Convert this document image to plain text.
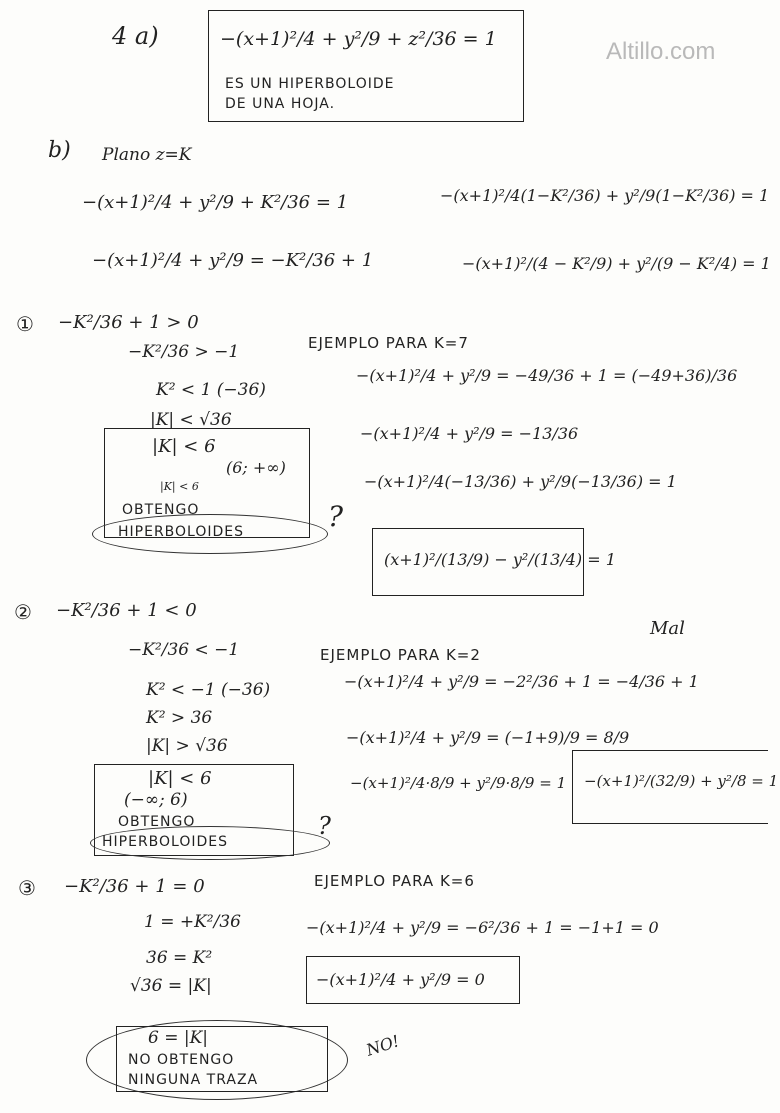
Altillo.com
4 a)	−(x+1)²/4 + y²/9 + z²/36 = 1
ES UN HIPERBOLOIDE
DE UNA HOJA.
b) Plano z=K
−(x+1)²/4 + y²/9 + K²/36 = 1
−(x+1)²/4 + y²/9 = −K²/36 + 1
−(x+1)²/4(1−K²/36) + y²/9(1−K²/36) = 1
−(x+1)²/(4 − K²/9) + y²/(9 − K²/4) = 1
① −K²/36 + 1 > 0
−K²/36 > −1
K² < 1 (−36)
|K| < √36
|K| < 6
(6; +∞)
|K| < 6
OBTENGO
HIPERBOLOIDES	?
EJEMPLO PARA K=7
−(x+1)²/4 + y²/9 = −49/36 + 1 = (−49+36)/36
−(x+1)²/4 + y²/9 = −13/36
−(x+1)²/4(−13/36) + y²/9(−13/36) = 1
(x+1)²/(13/9) − y²/(13/4) = 1
② −K²/36 + 1 < 0
−K²/36 < −1
K² < −1 (−36)
K² > 36
|K| > √36
|K| < 6
(−∞; 6)
OBTENGO
HIPERBOLOIDES
?
EJEMPLO PARA K=2
Mal
−(x+1)²/4 + y²/9 = −2²/36 + 1 = −4/36 + 1
−(x+1)²/4 + y²/9 = (−1+9)/9 = 8/9
−(x+1)²/4·8/9 + y²/9·8/9 = 1 −(x+1)²/(32/9) + y²/8 = 1
③ −K²/36 + 1 = 0
1 = +K²/36
36 = K²
√36 = |K|
6 = |K|
NO OBTENGO
NINGUNA TRAZA
NO!
EJEMPLO PARA K=6
−(x+1)²/4 + y²/9 = −6²/36 + 1 = −1+1 = 0
−(x+1)²/4 + y²/9 = 0
